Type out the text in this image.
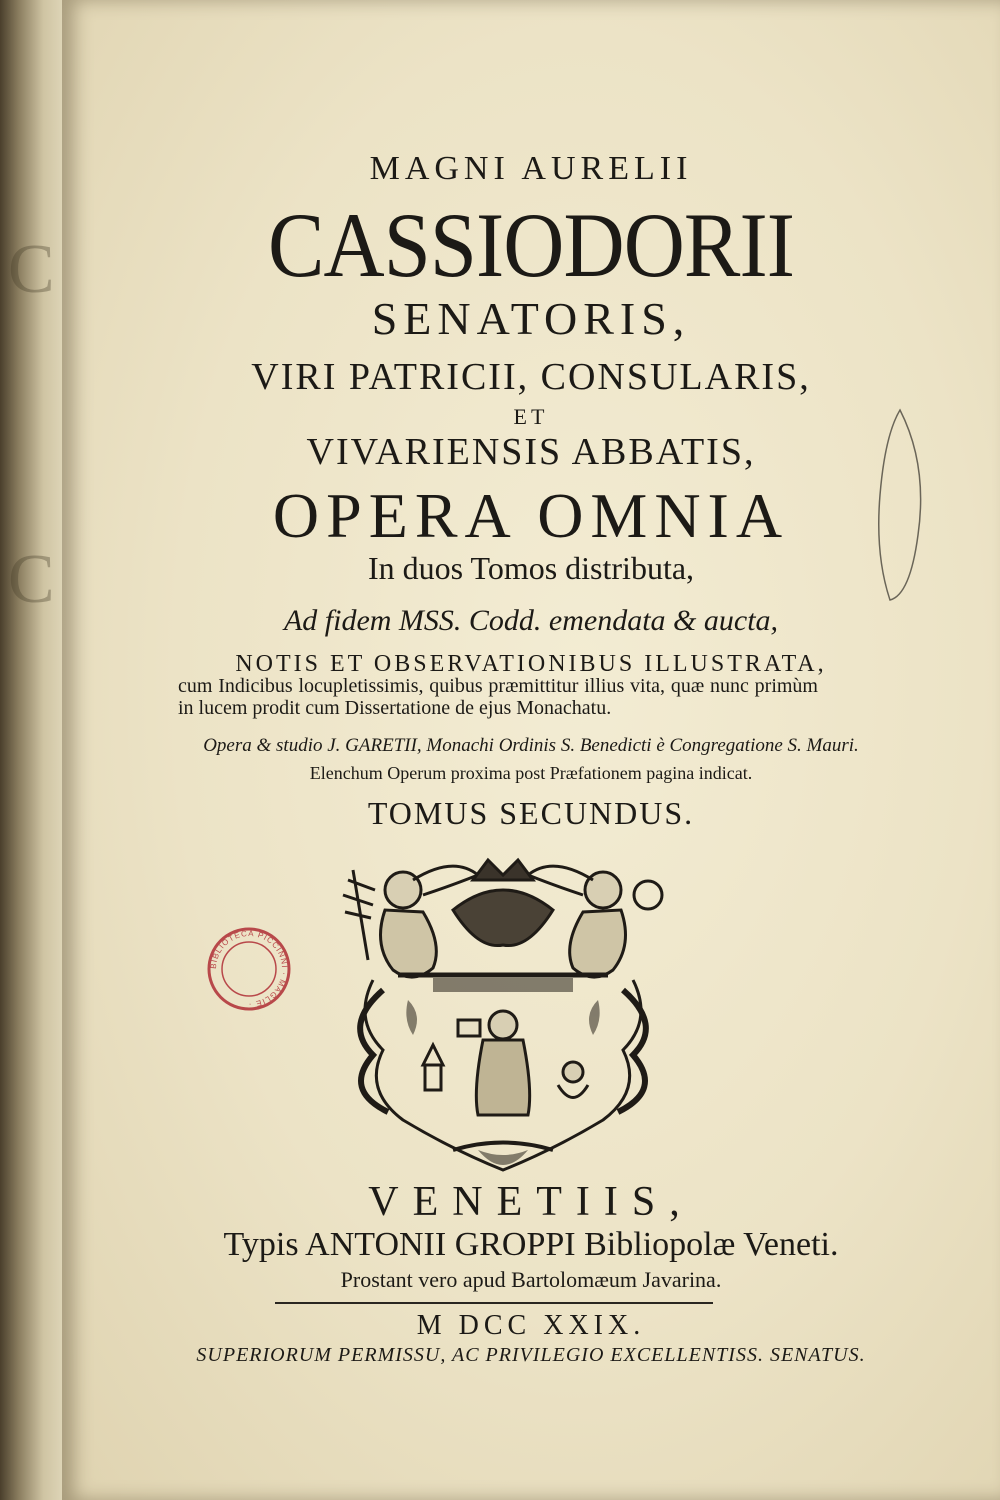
C
C
MAGNI AURELII
CASSIODORII
SENATORIS,
VIRI PATRICII, CONSULARIS,
ET
VIVARIENSIS ABBATIS,
OPERA OMNIA
In duos Tomos distributa,
Ad fidem MSS. Codd. emendata & aucta,
NOTIS ET OBSERVATIONIBUS ILLUSTRATA,
cum Indicibus locupletissimis, quibus præmittitur illius vita, quæ nunc primùm in lucem prodit cum Dissertatione de ejus Monachatu.
Opera & studio J. GARETII, Monachi Ordinis S. Benedicti è Congregatione S. Mauri.
Elenchum Operum proxima post Præfationem pagina indicat.
TOMUS SECUNDUS.
BIBLIOTECA PICCINNI · MAGLIE ·
VENETIIS,
Typis ANTONII GROPPI Bibliopolæ Veneti.
Prostant vero apud Bartolomæum Javarina.
M DCC XXIX.
SUPERIORUM PERMISSU, AC PRIVILEGIO EXCELLENTISS. SENATUS.
